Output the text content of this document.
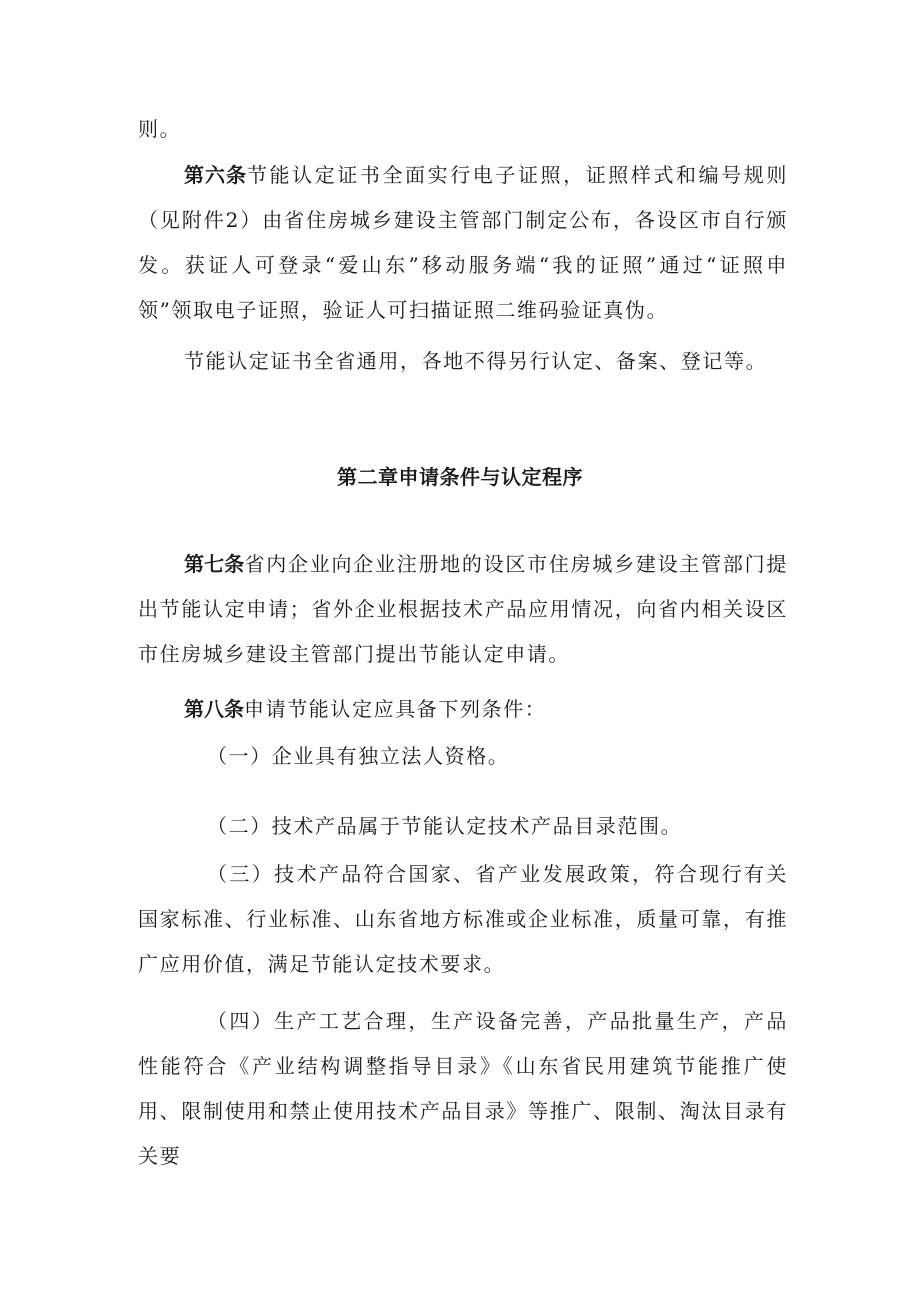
则。

第六条节能认定证书全面实行电子证照，证照样式和编号规则（见附件2）由省住房城乡建设主管部门制定公布，各设区市自行颁发。获证人可登录“爱山东”移动服务端“我的证照”通过“证照申领”领取电子证照，验证人可扫描证照二维码验证真伪。

节能认定证书全省通用，各地不得另行认定、备案、登记等。

第二章申请条件与认定程序

第七条省内企业向企业注册地的设区市住房城乡建设主管部门提出节能认定申请；省外企业根据技术产品应用情况，向省内相关设区市住房城乡建设主管部门提出节能认定申请。

第八条申请节能认定应具备下列条件：

（一）企业具有独立法人资格。

（二）技术产品属于节能认定技术产品目录范围。

（三）技术产品符合国家、省产业发展政策，符合现行有关国家标准、行业标准、山东省地方标准或企业标准，质量可靠，有推广应用价值，满足节能认定技术要求。

（四）生产工艺合理，生产设备完善，产品批量生产，产品性能符合《产业结构调整指导目录》《山东省民用建筑节能推广使用、限制使用和禁止使用技术产品目录》等推广、限制、淘汰目录有关要
